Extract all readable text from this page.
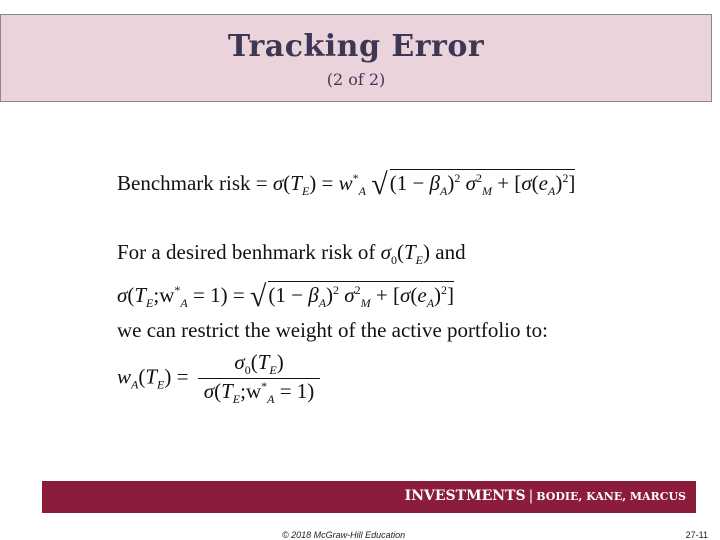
Tracking Error
(2 of 2)
Benchmark risk = $\sigma(T_E) = w^*_A$ $√(1 - \beta_A)^2$ $\sigma^2_M + [\sigma(e_A)^2]$
For a desired benhmark risk of $\sigma_0(T_E)$ and
$\sigma(T_E;w^*_A = 1) = √(1 - \beta_A)^2$ $\sigma^2_M + [\sigma(e_A)^2]$
we can restrict the weight of the active portfolio to:
$w_A(T_E) = \frac{\sigma_0(T_E)}{\sigma(T_E;w^*_A = 1)}$
INVESTMENTS | BODIE, KANE, MARCUS
© 2018 McGraw-Hill Education	27-11
